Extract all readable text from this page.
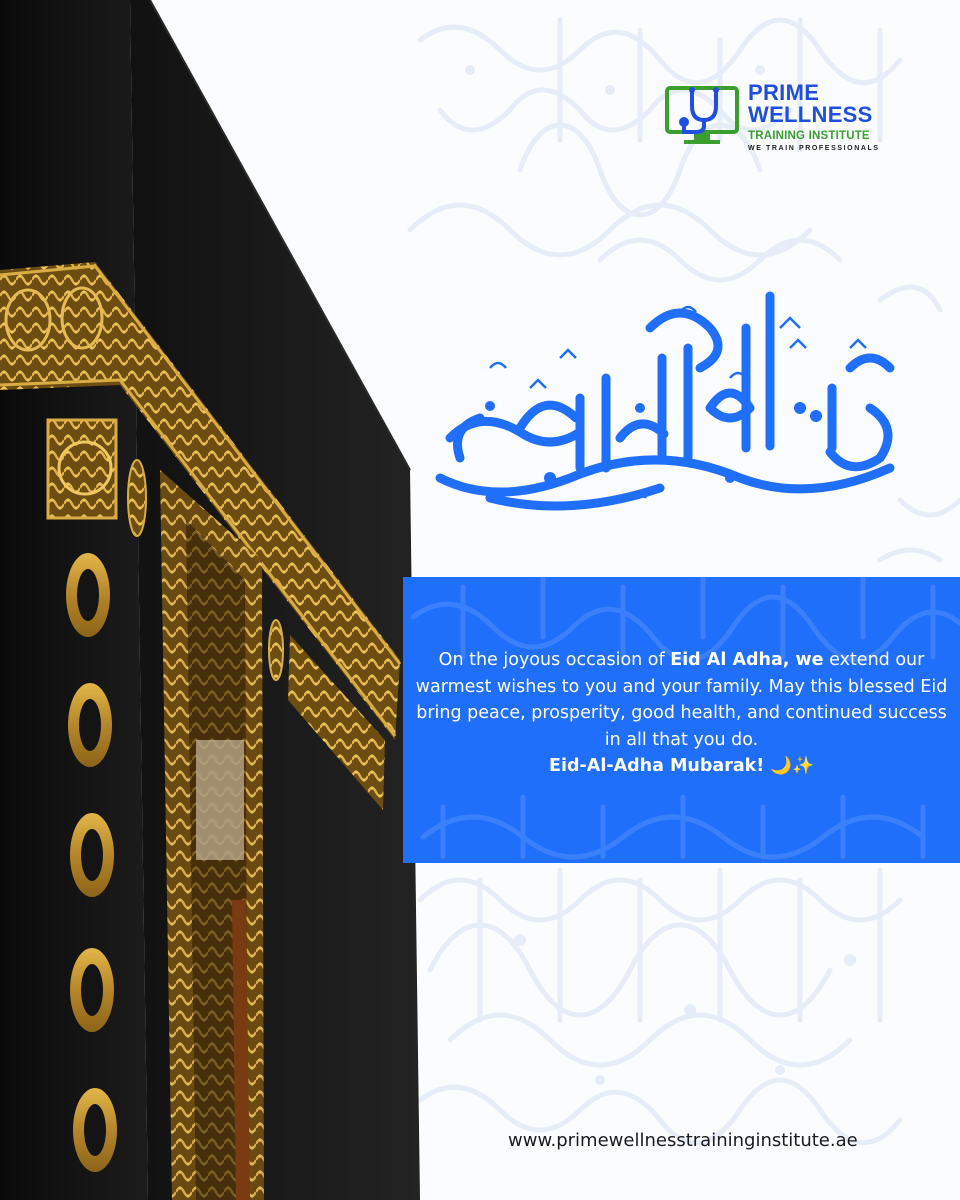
PRIME
WELLNESS
TRAINING INSTITUTE
WE TRAIN PROFESSIONALS
On the joyous occasion of Eid Al Adha, we extend our warmest wishes to you and your family. May this blessed Eid bring peace, prosperity, good health, and continued success in all that you do.
Eid-Al-Adha Mubarak! 🌙✨
www.primewellnesstraininginstitute.ae
